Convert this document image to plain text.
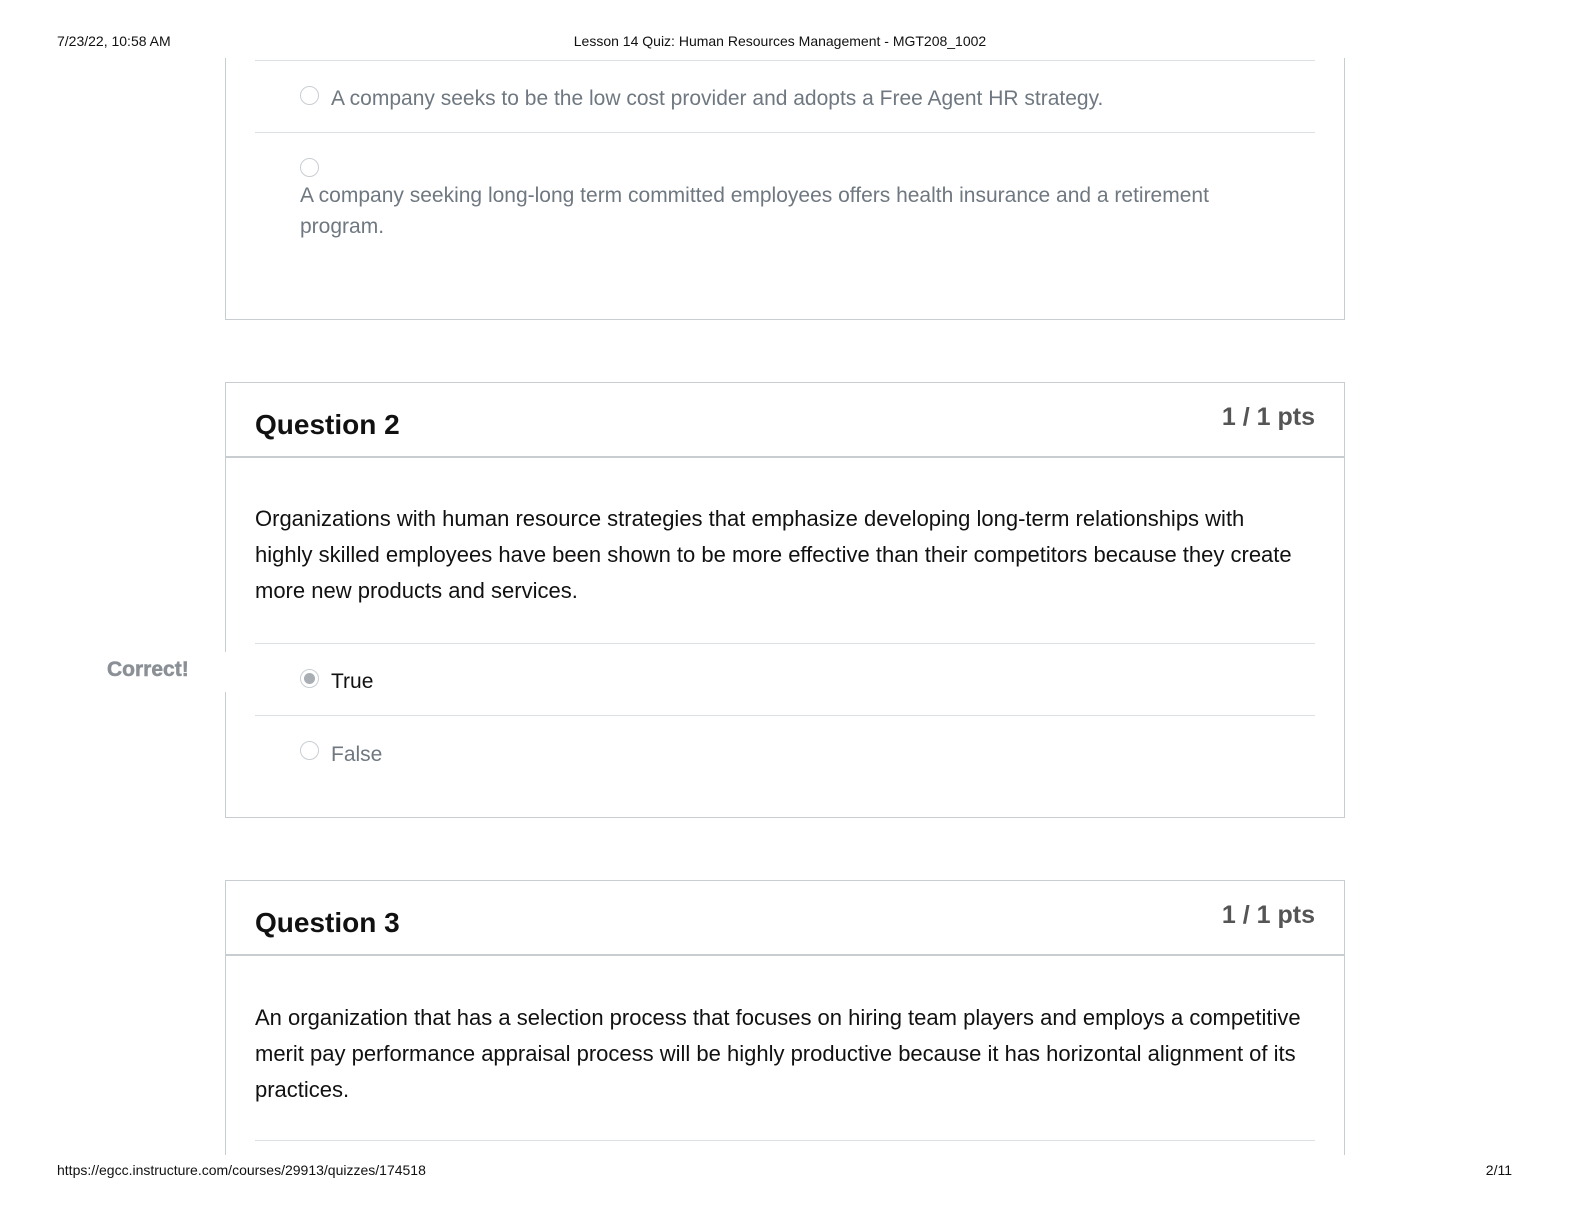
7/23/22, 10:58 AM	Lesson 14 Quiz: Human Resources Management - MGT208_1002
A company seeks to be the low cost provider and adopts a Free Agent HR strategy.
A company seeking long-long term committed employees offers health insurance and a retirement program.
Question 2	1 / 1 pts
Organizations with human resource strategies that emphasize developing long-term relationships with highly skilled employees have been shown to be more effective than their competitors because they create more new products and services.
True
False
Correct!
Question 3	1 / 1 pts
An organization that has a selection process that focuses on hiring team players and employs a competitive merit pay performance appraisal process will be highly productive because it has horizontal alignment of its practices.
https://egcc.instructure.com/courses/29913/quizzes/174518	2/11
